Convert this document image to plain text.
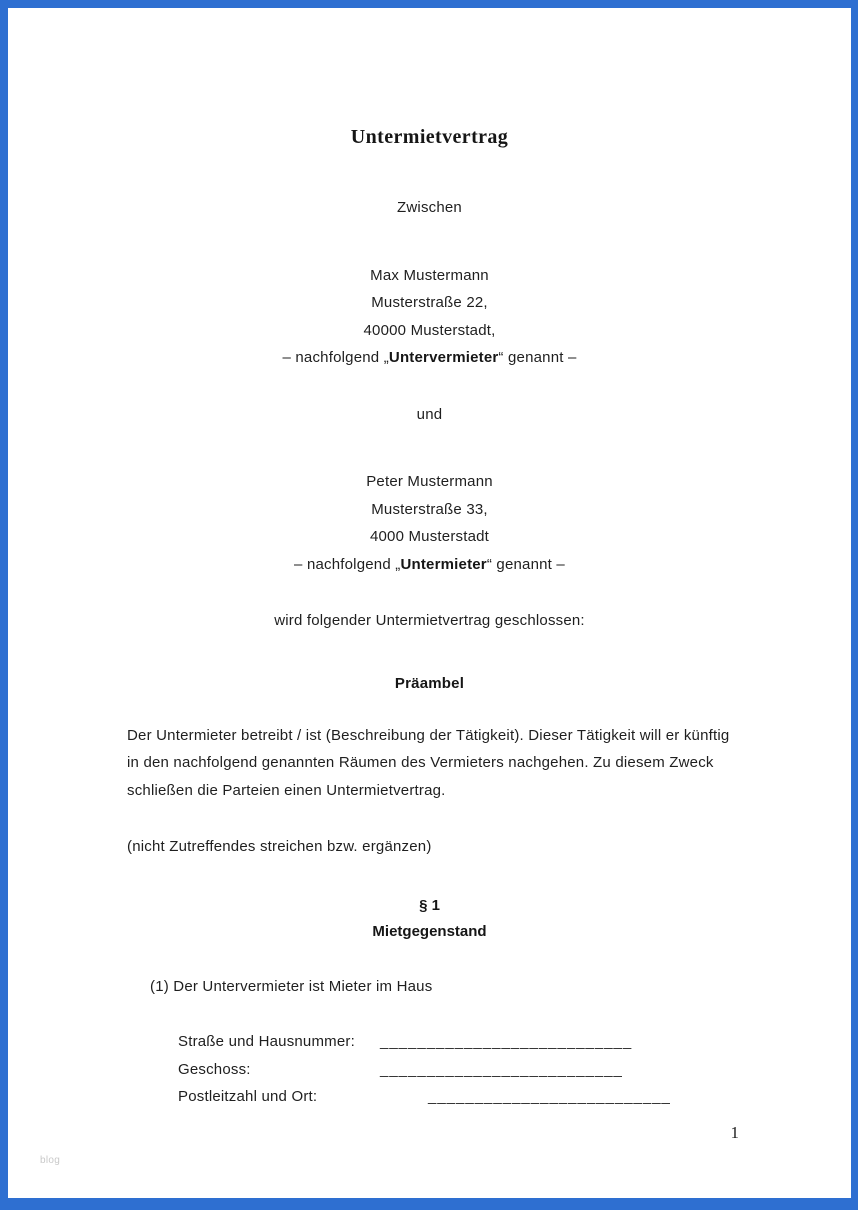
Untermietvertrag
Zwischen
Max Mustermann
Musterstraße 22,
40000 Musterstadt,
– nachfolgend „Untervermieter“ genannt –
und
Peter Mustermann
Musterstraße 33,
4000 Musterstadt
– nachfolgend „Untermieter“ genannt –
wird folgender Untermietvertrag geschlossen:
Präambel
Der Untermieter betreibt / ist (Beschreibung der Tätigkeit). Dieser Tätigkeit will er künftig in den nachfolgend genannten Räumen des Vermieters nachgehen. Zu diesem Zweck schließen die Parteien einen Untermietvertrag.
(nicht Zutreffendes streichen bzw. ergänzen)
§ 1
Mietgegenstand
(1) Der Untervermieter ist Mieter im Haus
Straße und Hausnummer:	___________________________
Geschoss:	__________________________
Postleitzahl und Ort:	__________________________
1
blog
